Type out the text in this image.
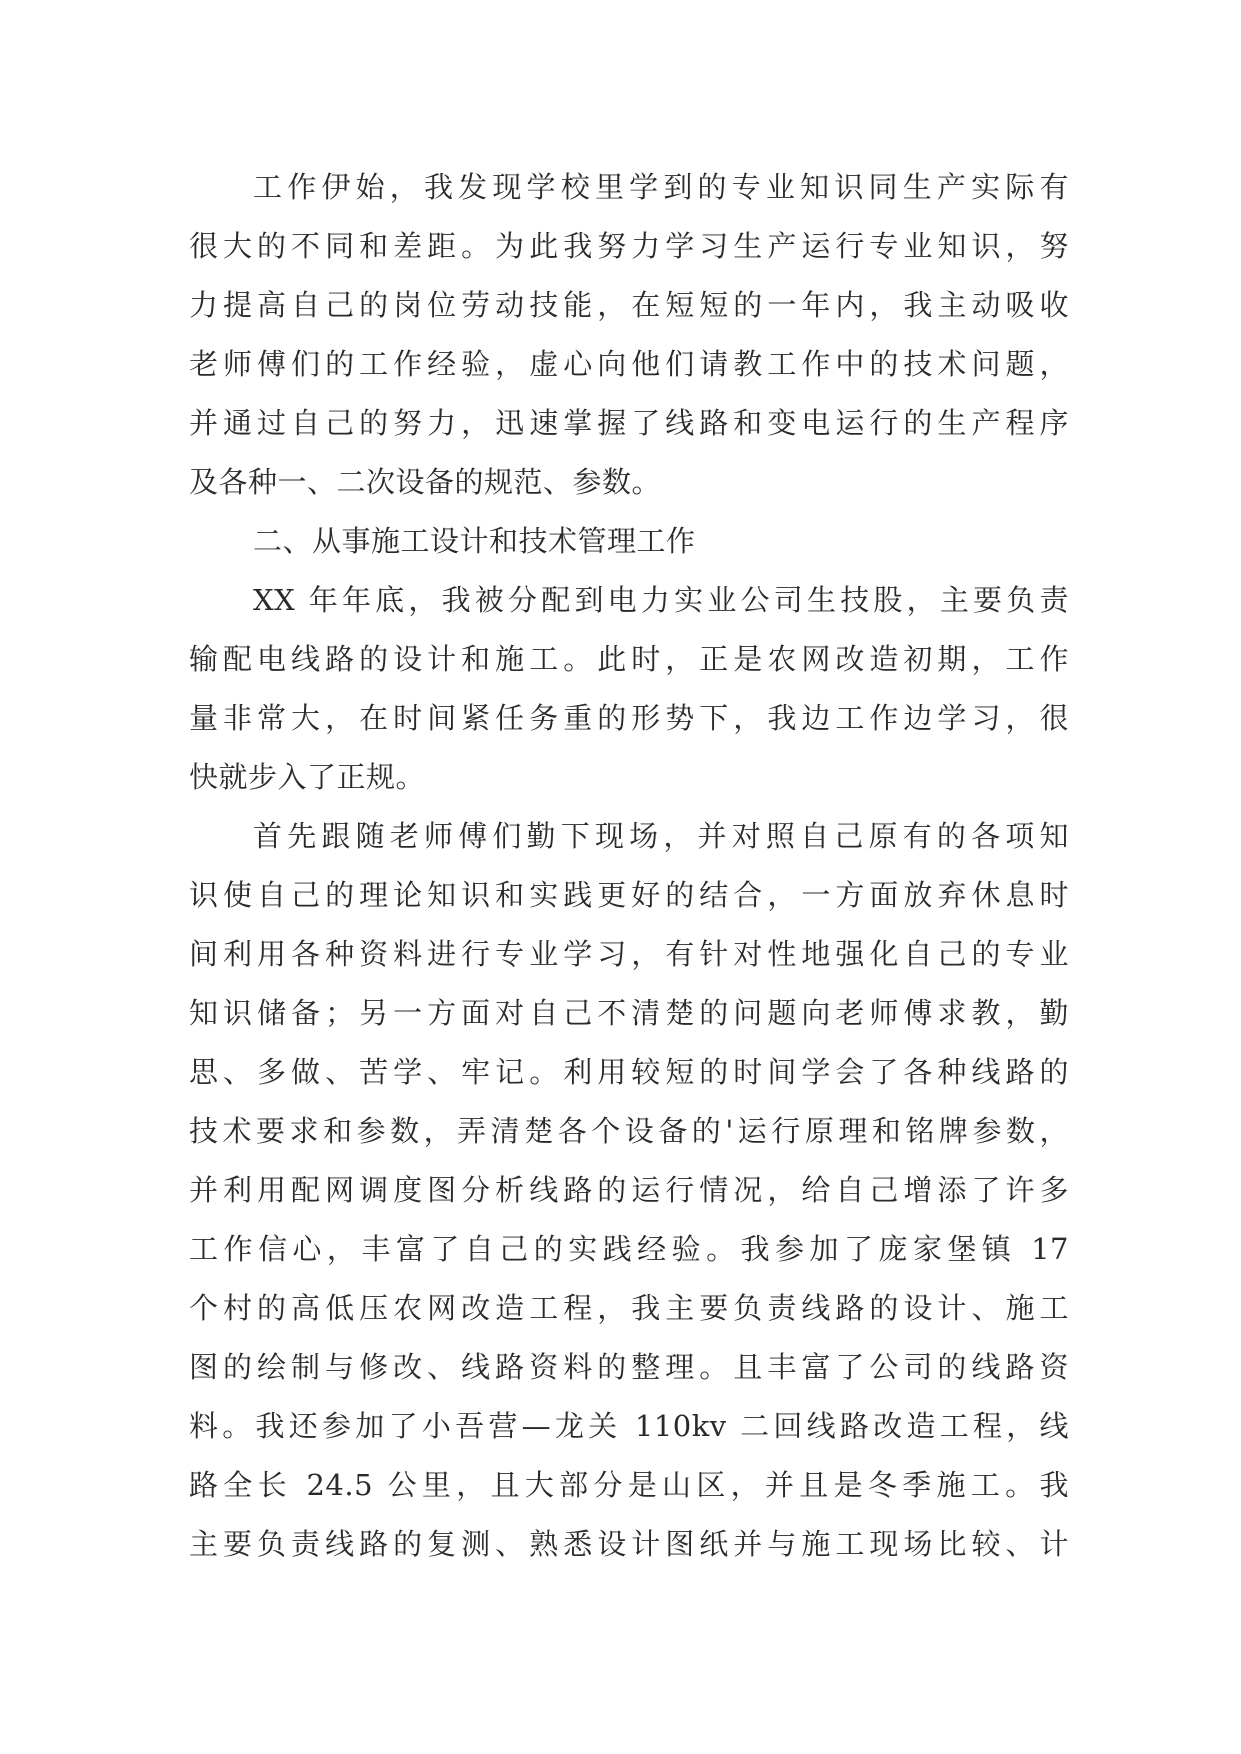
工作伊始，我发现学校里学到的专业知识同生产实际有
很大的不同和差距。为此我努力学习生产运行专业知识，努
力提高自己的岗位劳动技能，在短短的一年内，我主动吸收
老师傅们的工作经验，虚心向他们请教工作中的技术问题，
并通过自己的努力，迅速掌握了线路和变电运行的生产程序
及各种一、二次设备的规范、参数。
二、从事施工设计和技术管理工作
XX 年年底，我被分配到电力实业公司生技股，主要负责
输配电线路的设计和施工。此时，正是农网改造初期，工作
量非常大，在时间紧任务重的形势下，我边工作边学习，很
快就步入了正规。
首先跟随老师傅们勤下现场，并对照自己原有的各项知
识使自己的理论知识和实践更好的结合，一方面放弃休息时
间利用各种资料进行专业学习，有针对性地强化自己的专业
知识储备；另一方面对自己不清楚的问题向老师傅求教，勤
思、多做、苦学、牢记。利用较短的时间学会了各种线路的
技术要求和参数，弄清楚各个设备的'运行原理和铭牌参数，
并利用配网调度图分析线路的运行情况，给自己增添了许多
工作信心，丰富了自己的实践经验。我参加了庞家堡镇 17
个村的高低压农网改造工程，我主要负责线路的设计、施工
图的绘制与修改、线路资料的整理。且丰富了公司的线路资
料。我还参加了小吾营—龙关 110kv 二回线路改造工程，线
路全长 24.5 公里，且大部分是山区，并且是冬季施工。我
主要负责线路的复测、熟悉设计图纸并与施工现场比较、计
